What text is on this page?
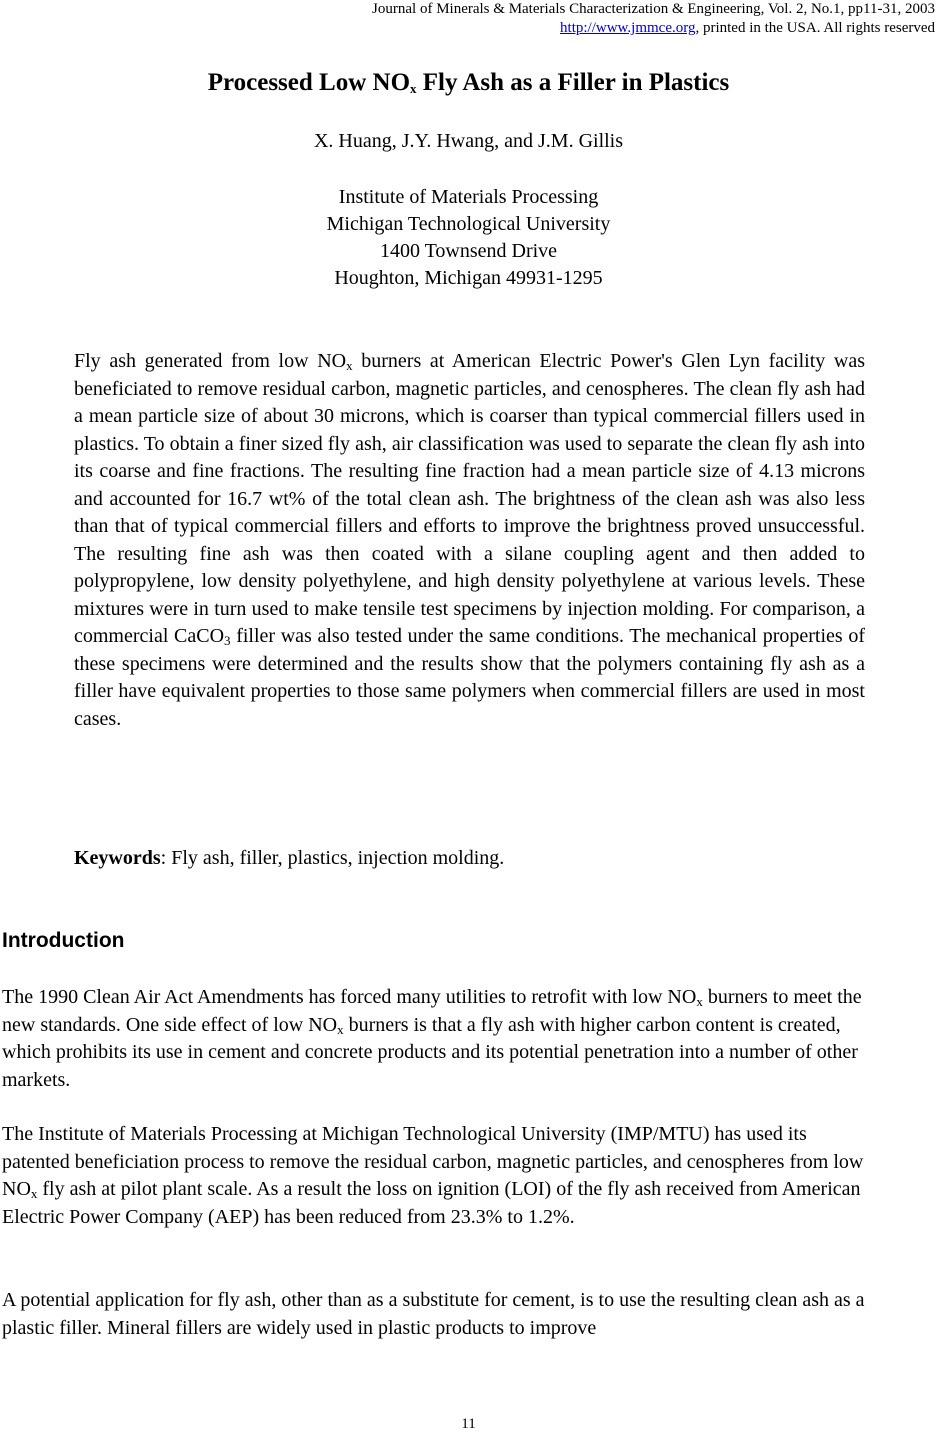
Journal of Minerals & Materials Characterization & Engineering, Vol. 2, No.1, pp11-31, 2003
http://www.jmmce.org, printed in the USA. All rights reserved
Processed Low $NO_x$ Fly Ash as a Filler in Plastics
X. Huang, J.Y. Hwang, and J.M. Gillis
Institute of Materials Processing
Michigan Technological University
1400 Townsend Drive
Houghton, Michigan 49931-1295

Fly ash generated from low $NO_x$ burners at American Electric Power's Glen Lyn facility was beneficiated to remove residual carbon, magnetic particles, and cenospheres. The clean fly ash had a mean particle size of about 30 microns, which is coarser than typical commercial fillers used in plastics. To obtain a finer sized fly ash, air classification was used to separate the clean fly ash into its coarse and fine fractions. The resulting fine fraction had a mean particle size of 4.13 microns and accounted for 16.7 wt% of the total clean ash. The brightness of the clean ash was also less than that of typical commercial fillers and efforts to improve the brightness proved unsuccessful. The resulting fine ash was then coated with a silane coupling agent and then added to polypropylene, low density polyethylene, and high density polyethylene at various levels. These mixtures were in turn used to make tensile test specimens by injection molding. For comparison, a commercial CaCO$_3$ filler was also tested under the same conditions. The mechanical properties of these specimens were determined and the results show that the polymers containing fly ash as a filler have equivalent properties to those same polymers when commercial fillers are used in most cases.

Keywords: Fly ash, filler, plastics, injection molding.
Introduction

The 1990 Clean Air Act Amendments has forced many utilities to retrofit with low $NO_x$ burners to meet the new standards. One side effect of low $NO_x$ burners is that a fly ash with higher carbon content is created, which prohibits its use in cement and concrete products and its potential penetration into a number of other markets.

The Institute of Materials Processing at Michigan Technological University (IMP/MTU) has used its patented beneficiation process to remove the residual carbon, magnetic particles, and cenospheres from low $NO_x$ fly ash at pilot plant scale. As a result the loss on ignition (LOI) of the fly ash received from American Electric Power Company (AEP) has been reduced from 23.3% to 1.2%.

A potential application for fly ash, other than as a substitute for cement, is to use the resulting clean ash as a plastic filler. Mineral fillers are widely used in plastic products to improve

11
